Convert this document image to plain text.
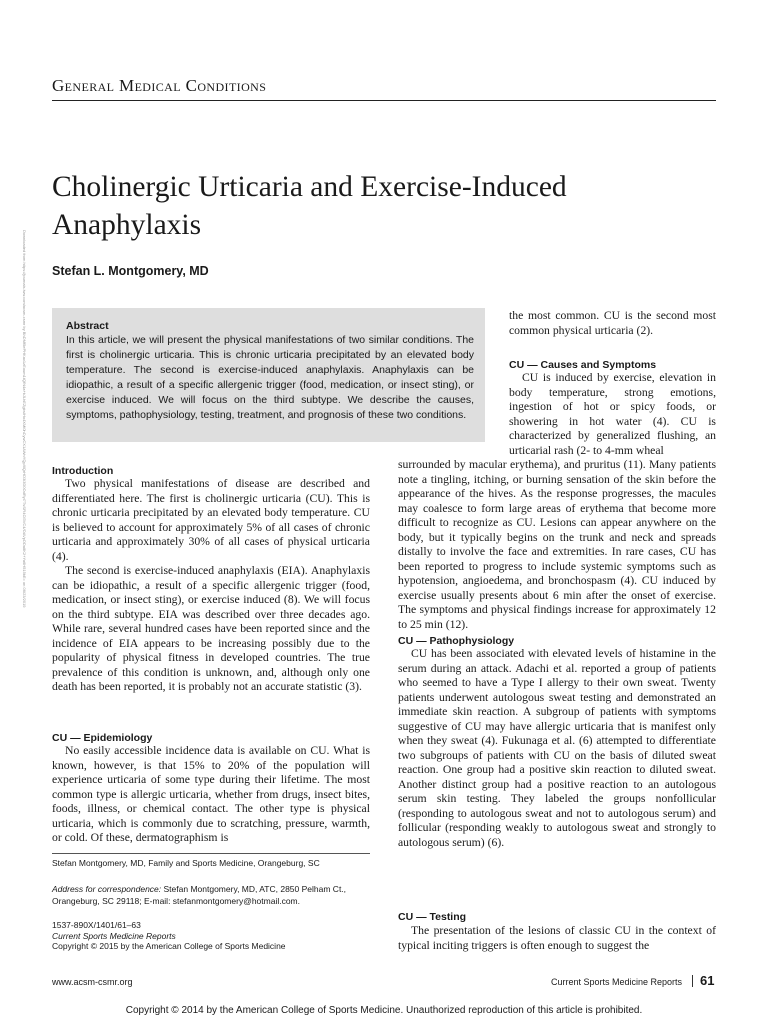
General Medical Conditions
Downloaded from https://journals.lww.com/acsm-csmr by BhDMf5ePHKav1zEoum1tQfN4a+kJLhEZgbsIHo4XMi0hCywCX1AWnYQp/IlQrHD3i3D0OdRyi7TvSFl4Cf3VC4/OAVpDDa8K2+Ya6H515kE= on 06/23/2019
Cholinergic Urticaria and Exercise-Induced Anaphylaxis
Stefan L. Montgomery, MD
Abstract
In this article, we will present the physical manifestations of two similar conditions. The first is cholinergic urticaria. This is chronic urticaria precipitated by an elevated body temperature. The second is exercise-induced anaphylaxis. Anaphylaxis can be idiopathic, a result of a specific allergenic trigger (food, medication, or insect sting), or exercise induced. We will focus on the third subtype. We describe the causes, symptoms, pathophysiology, testing, treatment, and prognosis of these two conditions.
Introduction

Two physical manifestations of disease are described and differentiated here. The first is cholinergic urticaria (CU). This is chronic urticaria precipitated by an elevated body temperature. CU is believed to account for approximately 5% of all cases of chronic urticaria and approximately 30% of all cases of physical urticaria (4).

The second is exercise-induced anaphylaxis (EIA). Anaphylaxis can be idiopathic, a result of a specific allergenic trigger (food, medication, or insect sting), or exercise induced (8). We will focus on the third subtype. EIA was described over three decades ago. While rare, several hundred cases have been reported since and the incidence of EIA appears to be increasing possibly due to the popularity of physical fitness in developed countries. The true prevalence of this condition is unknown, and, although only one death has been reported, it is probably not an accurate statistic (3).

CU — Epidemiology

No easily accessible incidence data is available on CU. What is known, however, is that 15% to 20% of the population will experience urticaria of some type during their lifetime. The most common type is allergic urticaria, whether from drugs, insect bites, foods, illness, or chemical contact. The other type is physical urticaria, which is commonly due to scratching, pressure, warmth, or cold. Of these, dermatographism is

Stefan Montgomery, MD, Family and Sports Medicine, Orangeburg, SC
Address for correspondence: Stefan Montgomery, MD, ATC, 2850 Pelham Ct., Orangeburg, SC 29118; E-mail: stefanmontgomery@hotmail.com.
1537-890X/1401/61–63
Current Sports Medicine Reports
Copyright © 2015 by the American College of Sports Medicine

the most common. CU is the second most common physical urticaria (2).

CU — Causes and Symptoms

CU is induced by exercise, elevation in body temperature, strong emotions, ingestion of hot or spicy foods, or showering in hot water (4). CU is characterized by generalized flushing, an urticarial rash (2- to 4-mm wheal

surrounded by macular erythema), and pruritus (11). Many patients note a tingling, itching, or burning sensation of the skin before the appearance of the hives. As the response progresses, the macules may coalesce to form large areas of erythema that become more difficult to recognize as CU. Lesions can appear anywhere on the body, but it typically begins on the trunk and neck and spreads distally to involve the face and extremities. In rare cases, CU has been reported to progress to include systemic symptoms such as hypotension, angioedema, and bronchospasm (4). CU induced by exercise usually presents about 6 min after the onset of exercise. The symptoms and physical findings increase for approximately 12 to 25 min (12).

CU — Pathophysiology

CU has been associated with elevated levels of histamine in the serum during an attack. Adachi et al. reported a group of patients who seemed to have a Type I allergy to their own sweat. Twenty patients underwent autologous sweat testing and demonstrated an immediate skin reaction. A subgroup of patients with symptoms suggestive of CU may have allergic urticaria that is manifest only when they sweat (4). Fukunaga et al. (6) attempted to differentiate two subgroups of patients with CU on the basis of diluted sweat reaction. One group had a positive skin reaction to diluted sweat. Another distinct group had a positive reaction to an autologous serum skin testing. They labeled the groups nonfollicular (responding to autologous sweat and not to autologous serum) and follicular (responding weakly to autologous sweat and strongly to autologous serum) (6).

CU — Testing

The presentation of the lesions of classic CU in the context of typical inciting triggers is often enough to suggest the

www.acsm-csmr.org	Current Sports Medicine Reports 61
Copyright © 2014 by the American College of Sports Medicine. Unauthorized reproduction of this article is prohibited.
